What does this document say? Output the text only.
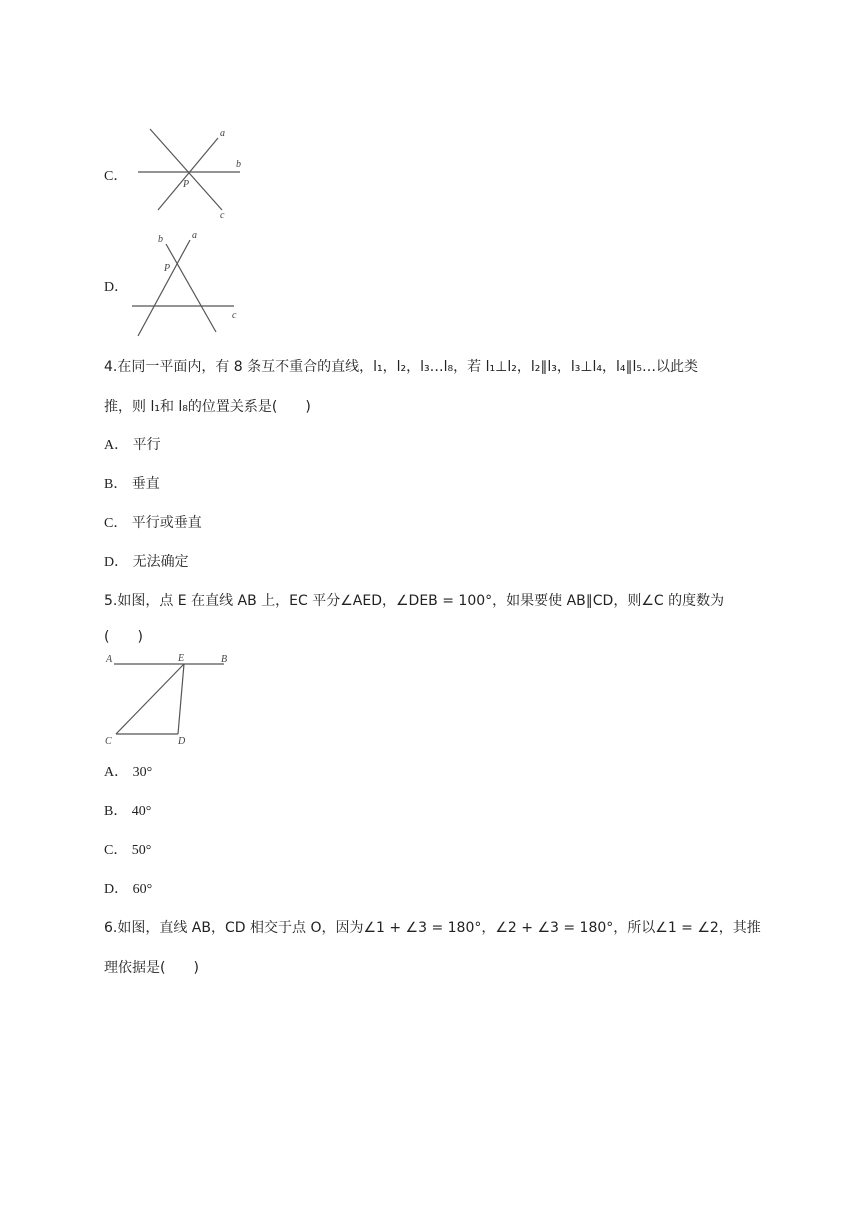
C．
a
b
c
P
D．
a
b
c
P
4.在同一平面内，有 8 条互不重合的直线，l₁，l₂，l₃…l₈，若 l₁⊥l₂，l₂∥l₃，l₃⊥l₄，l₄∥l₅…以此类
推，则 l₁和 l₈的位置关系是(　　)
A． 平行
B． 垂直
C． 平行或垂直
D． 无法确定
5.如图，点 E 在直线 AB 上，EC 平分∠AED，∠DEB = 100°，如果要使 AB∥CD，则∠C 的度数为
(　　)
A	E	B
C	D
A． 30°
B． 40°
C． 50°
D． 60°
6.如图，直线 AB，CD 相交于点 O，因为∠1 + ∠3 = 180°，∠2 + ∠3 = 180°，所以∠1 = ∠2，其推
理依据是(　　)
